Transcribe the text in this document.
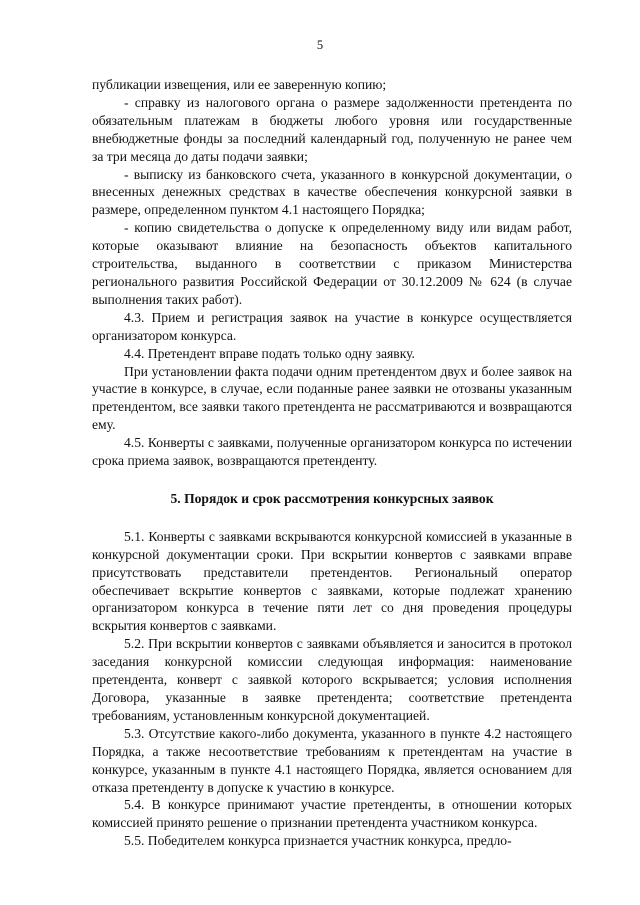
5

публикации извещения, или ее заверенную копию;

- справку из налогового органа о размере задолженности претендента по обязательным платежам в бюджеты любого уровня или государственные внебюджетные фонды за последний календарный год, полученную не ранее чем за три месяца до даты подачи заявки;

- выписку из банковского счета, указанного в конкурсной документации, о внесенных денежных средствах в качестве обеспечения конкурсной заявки в размере, определенном пунктом 4.1 настоящего Порядка;

- копию свидетельства о допуске к определенному виду или видам работ, которые оказывают влияние на безопасность объектов капитального строительства, выданного в соответствии с приказом Министерства регионального развития Российской Федерации от 30.12.2009 № 624 (в случае выполнения таких работ).

4.3. Прием и регистрация заявок на участие в конкурсе осуществляется организатором конкурса.

4.4. Претендент вправе подать только одну заявку.

При установлении факта подачи одним претендентом двух и более заявок на участие в конкурсе, в случае, если поданные ранее заявки не отозваны указанным претендентом, все заявки такого претендента не рассматриваются и возвращаются ему.

4.5. Конверты с заявками, полученные организатором конкурса по истечении срока приема заявок, возвращаются претенденту.

5. Порядок и срок рассмотрения конкурсных заявок

5.1. Конверты с заявками вскрываются конкурсной комиссией в указанные в конкурсной документации сроки. При вскрытии конвертов с заявками вправе присутствовать представители претендентов. Региональный оператор обеспечивает вскрытие конвертов с заявками, которые подлежат хранению организатором конкурса в течение пяти лет со дня проведения процедуры вскрытия конвертов с заявками.

5.2. При вскрытии конвертов с заявками объявляется и заносится в протокол заседания конкурсной комиссии следующая информация: наименование претендента, конверт с заявкой которого вскрывается; условия исполнения Договора, указанные в заявке претендента; соответствие претендента требованиям, установленным конкурсной документацией.

5.3. Отсутствие какого-либо документа, указанного в пункте 4.2 настоящего Порядка, а также несоответствие требованиям к претендентам на участие в конкурсе, указанным в пункте 4.1 настоящего Порядка, является основанием для отказа претенденту в допуске к участию в конкурсе.

5.4. В конкурсе принимают участие претенденты, в отношении которых комиссией принято решение о признании претендента участником конкурса.

5.5. Победителем конкурса признается участник конкурса, предло-
